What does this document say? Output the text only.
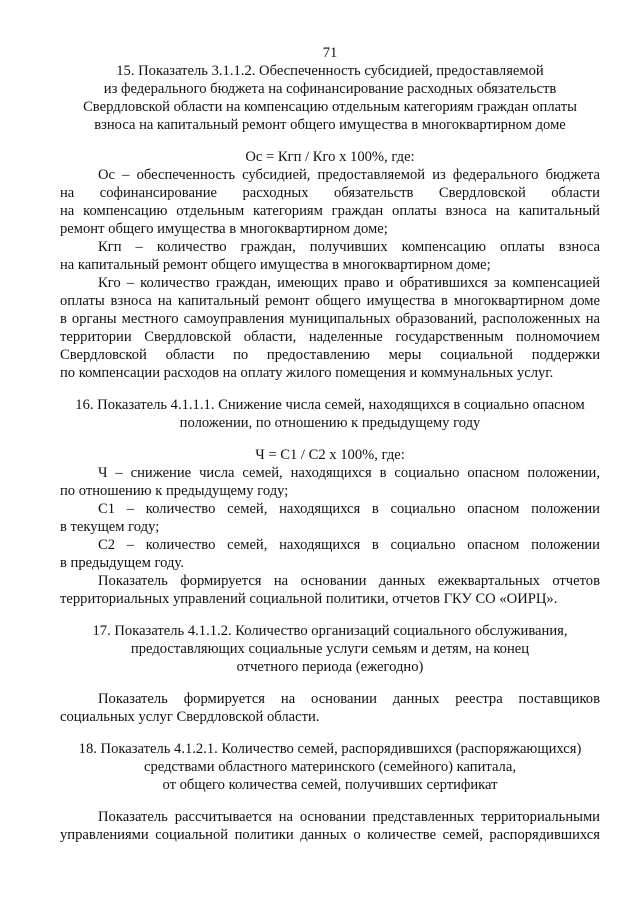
71
15. Показатель 3.1.1.2. Обеспеченность субсидией, предоставляемой
из федерального бюджета на софинансирование расходных обязательств
Свердловской области на компенсацию отдельным категориям граждан оплаты
взноса на капитальный ремонт общего имущества в многоквартирном доме
Ос = Кгп / Кго х 100%, где:
Ос – обеспеченность субсидией, предоставляемой из федерального бюджета
на софинансирование расходных обязательств Свердловской области
на компенсацию отдельным категориям граждан оплаты взноса на капитальный
ремонт общего имущества в многоквартирном доме;
Кгп – количество граждан, получивших компенсацию оплаты взноса
на капитальный ремонт общего имущества в многоквартирном доме;
Кго – количество граждан, имеющих право и обратившихся за компенсацией
оплаты взноса на капитальный ремонт общего имущества в многоквартирном доме
в органы местного самоуправления муниципальных образований, расположенных на
территории Свердловской области, наделенные государственным полномочием
Свердловской области по предоставлению меры социальной поддержки
по компенсации расходов на оплату жилого помещения и коммунальных услуг.
16. Показатель 4.1.1.1. Снижение числа семей, находящихся в социально опасном
положении, по отношению к предыдущему году
Ч = С1 / С2 х 100%, где:
Ч – снижение числа семей, находящихся в социально опасном положении,
по отношению к предыдущему году;
С1 – количество семей, находящихся в социально опасном положении
в текущем году;
С2 – количество семей, находящихся в социально опасном положении
в предыдущем году.
Показатель формируется на основании данных ежеквартальных отчетов
территориальных управлений социальной политики, отчетов ГКУ СО «ОИРЦ».
17. Показатель 4.1.1.2. Количество организаций социального обслуживания,
предоставляющих социальные услуги семьям и детям, на конец
отчетного периода (ежегодно)
Показатель формируется на основании данных реестра поставщиков
социальных услуг Свердловской области.
18. Показатель 4.1.2.1. Количество семей, распорядившихся (распоряжающихся)
средствами областного материнского (семейного) капитала,
от общего количества семей, получивших сертификат
Показатель рассчитывается на основании представленных территориальными
управлениями социальной политики данных о количестве семей, распорядившихся
